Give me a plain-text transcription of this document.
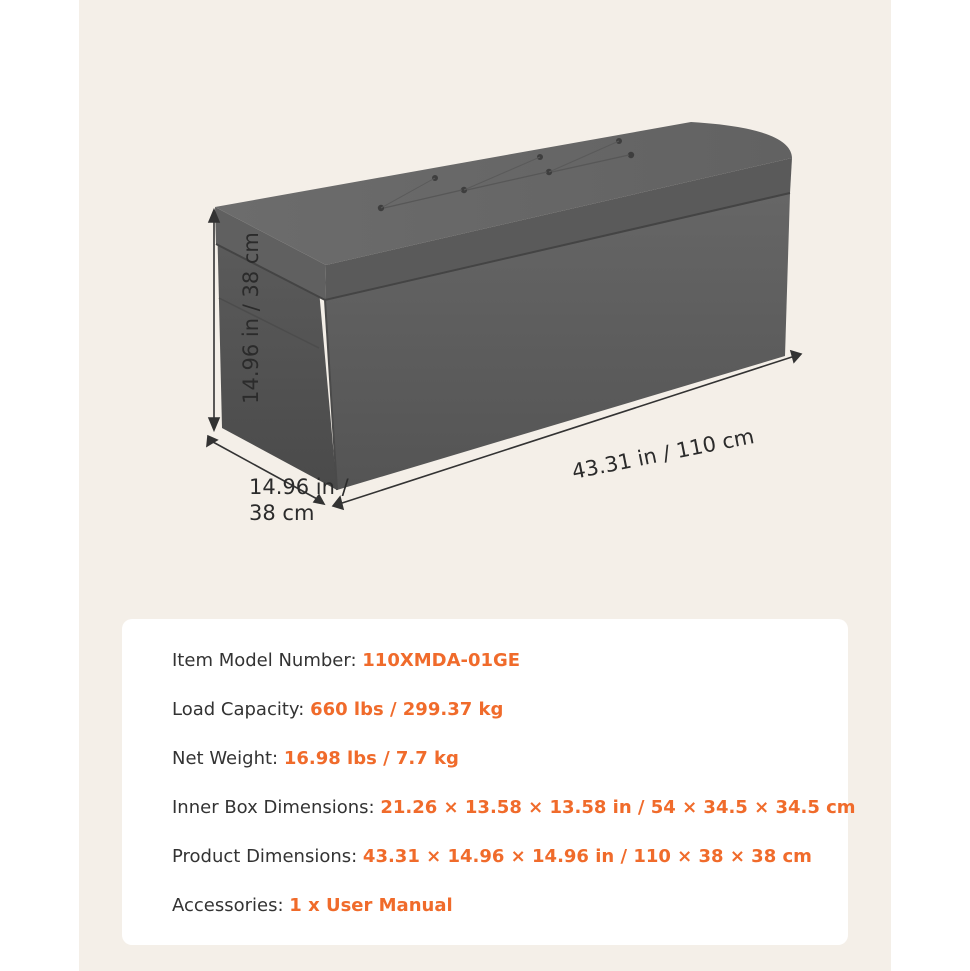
14.96 in / 38 cm
43.31 in / 110 cm
14.96 in / 38 cm
Item Model Number: 110XMDA-01GE
Load Capacity: 660 lbs / 299.37 kg
Net Weight: 16.98 lbs / 7.7 kg
Inner Box Dimensions: 21.26 × 13.58 × 13.58 in / 54 × 34.5 × 34.5 cm
Product Dimensions: 43.31 × 14.96 × 14.96 in / 110 × 38 × 38 cm
Accessories: 1 x User Manual
